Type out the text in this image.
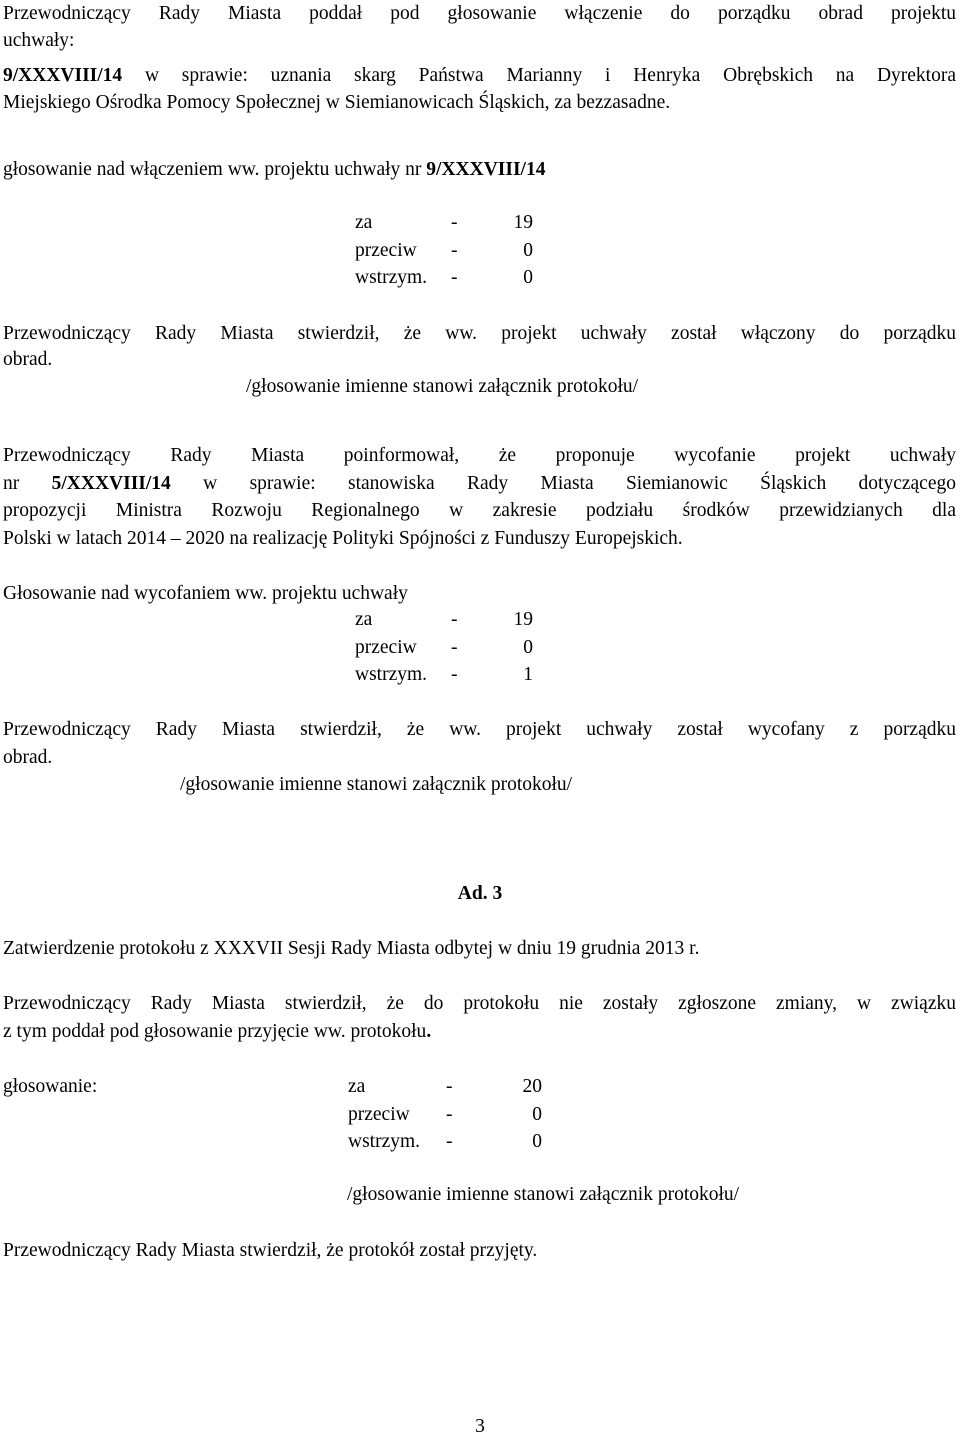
Przewodniczący Rady Miasta poddał pod głosowanie włączenie do porządku obrad projektu
uchwały:
9/XXXVIII/14 w sprawie: uznania skarg Państwa Marianny i Henryka Obrębskich na Dyrektora
Miejskiego Ośrodka Pomocy Społecznej w Siemianowicach Śląskich, za bezzasadne.
głosowanie nad włączeniem ww. projektu uchwały nr 9/XXXVIII/14
za	-	19
przeciw	-	0
wstrzym.	-	0
Przewodniczący Rady Miasta stwierdził, że ww. projekt uchwały został włączony do porządku
obrad.
/głosowanie imienne stanowi załącznik protokołu/
Przewodniczący Rady Miasta poinformował, że proponuje wycofanie projekt uchwały
nr 5/XXXVIII/14 w sprawie: stanowiska Rady Miasta Siemianowic Śląskich dotyczącego
propozycji Ministra Rozwoju Regionalnego w zakresie podziału środków przewidzianych dla
Polski w latach 2014 – 2020 na realizację Polityki Spójności z Funduszy Europejskich.
Głosowanie nad wycofaniem ww. projektu uchwały
za	-	19
przeciw	-	0
wstrzym.	-	1
Przewodniczący Rady Miasta stwierdził, że ww. projekt uchwały został wycofany z porządku
obrad.
/głosowanie imienne stanowi załącznik protokołu/
Ad. 3
Zatwierdzenie protokołu z XXXVII Sesji Rady Miasta odbytej w dniu 19 grudnia 2013 r.
Przewodniczący Rady Miasta stwierdził, że do protokołu nie zostały zgłoszone zmiany, w związku
z tym poddał pod głosowanie przyjęcie ww. protokołu.
głosowanie:	za	-	20
przeciw	-	0
wstrzym.	-	0
/głosowanie imienne stanowi załącznik protokołu/
Przewodniczący Rady Miasta stwierdził, że protokół został przyjęty.
3
